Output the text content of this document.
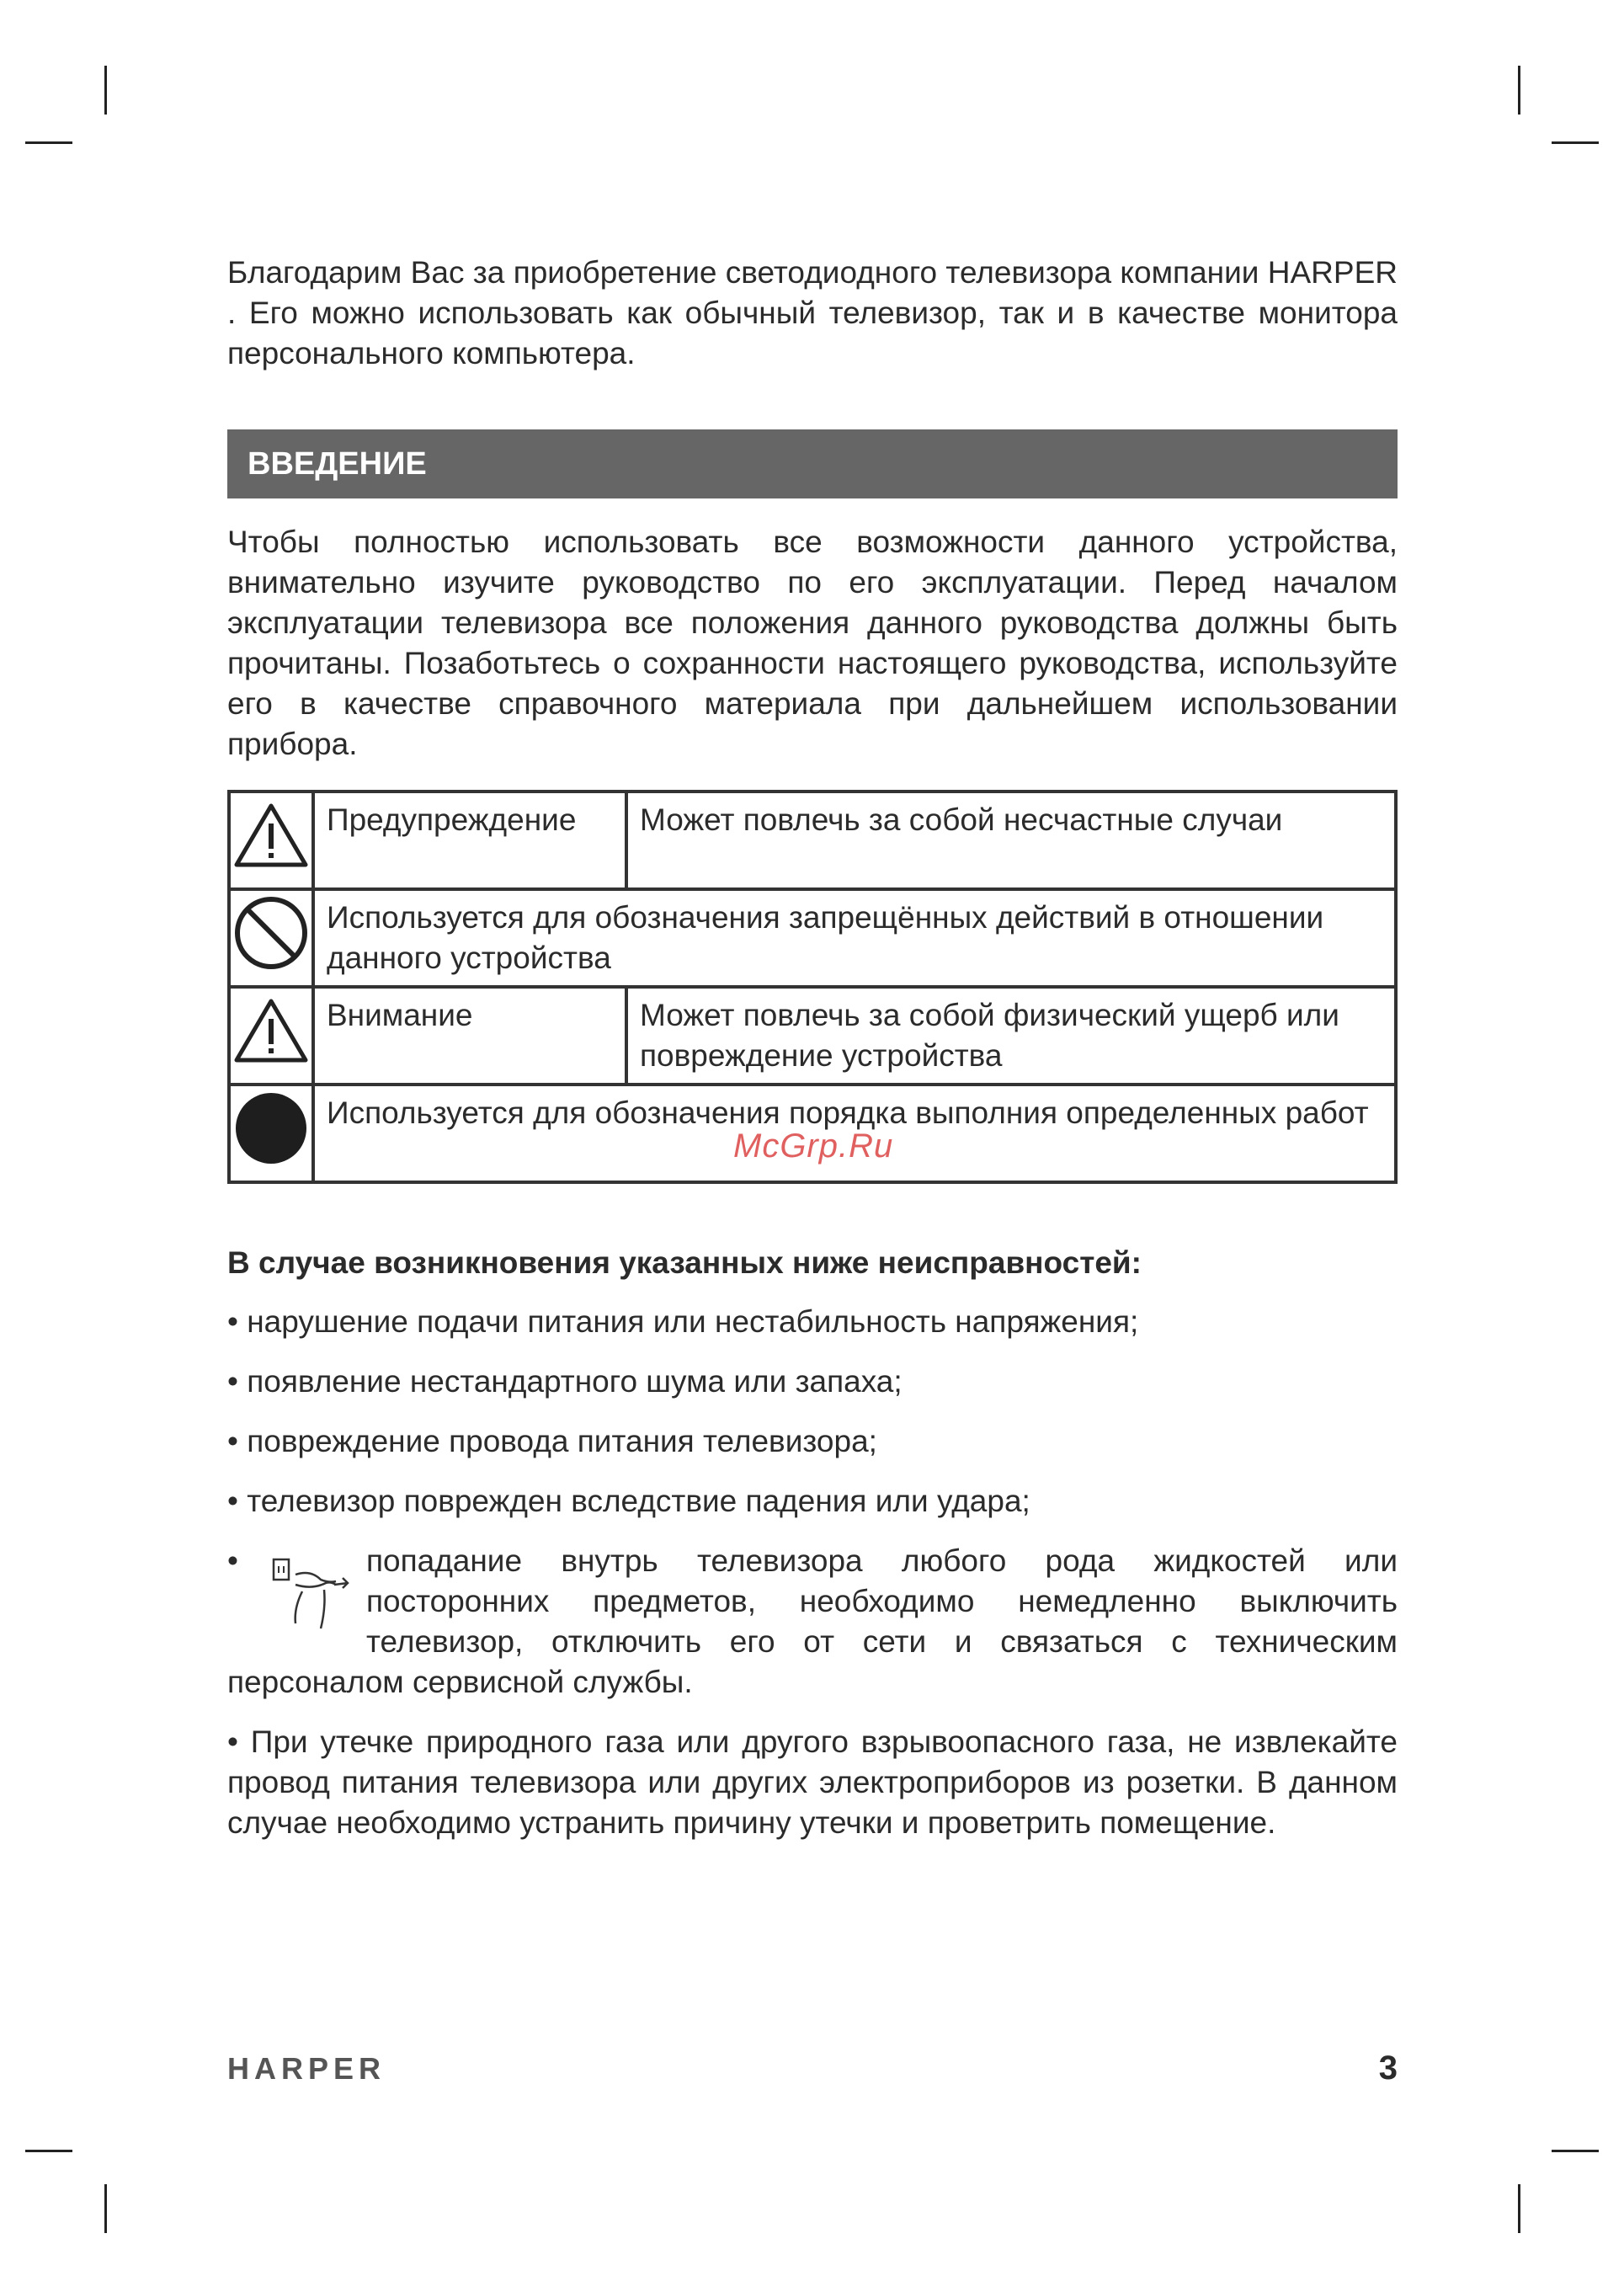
Благодарим Вас за приобретение светодиодного телевизора компании HARPER . Его можно использовать как обычный телевизор, так и в качестве монитора персонального компьютера.

ВВЕДЕНИЕ

Чтобы полностью использовать все возможности данного устройства, внимательно изучите руководство по его эксплуатации. Перед началом эксплуатации телевизора все положения данного руководства должны быть прочитаны. Позаботьтесь о сохранности настоящего руководства, используйте его в качестве справочного материала при дальнейшем использовании прибора.

	Предупреждение	Может повлечь за собой несчастные случаи
	Используется для обозначения запрещённых действий в отношении данного устройства	
	Внимание	Может повлечь за собой физический ущерб или повреждение устройства
	Используется для обозначения порядка выполния определенных работ	
В случае возникновения указанных ниже неисправностей:

• нарушение подачи питания или нестабильность напряжения;

• появление нестандартного шума или запаха;

• повреждение провода питания телевизора;

• телевизор поврежден вследствие падения или удара;

•	попадание внутрь телевизора любого рода жидкостей или посторонних предметов, необходимо немедленно выключить телевизор, отключить его от сети и связаться с техническим персоналом сервисной службы.

• При утечке природного газа или другого взрывоопасного газа, не извлекайте провод питания телевизора или других электроприборов из розетки. В данном случае необходимо устранить причину утечки и проветрить помещение.

McGrp.Ru
HARPER	3
